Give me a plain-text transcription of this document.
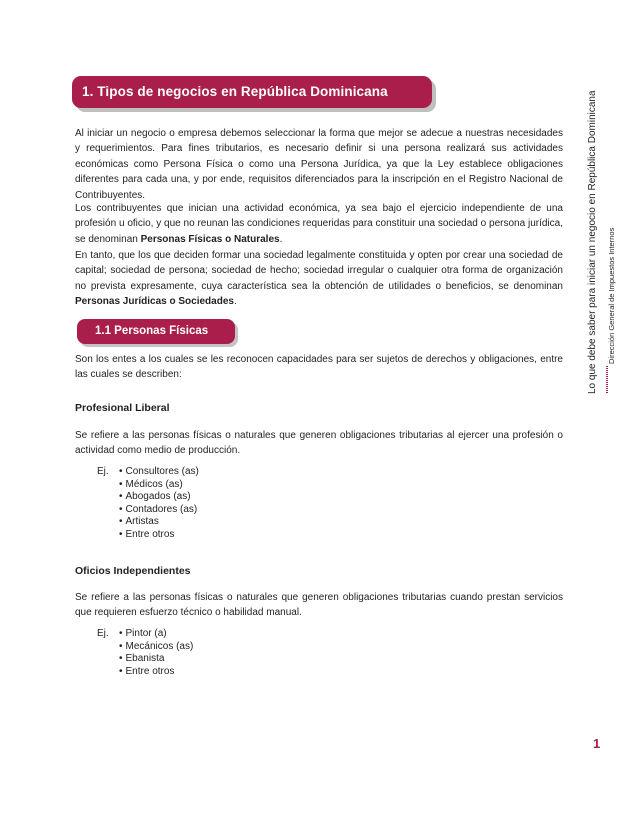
1. Tipos de negocios en República Dominicana

Al iniciar un negocio o empresa debemos seleccionar la forma que mejor se adecue a nuestras necesidades y requerimientos. Para fines tributarios, es necesario definir si una persona realizará sus actividades económicas como Persona Física o como una Persona Jurídica, ya que la Ley establece obligaciones diferentes para cada una, y por ende, requisitos diferenciados para la inscripción en el Registro Nacional de Contribuyentes.

Los contribuyentes que inician una actividad económica, ya sea bajo el ejercicio independiente de una profesión u oficio, y que no reunan las condiciones requeridas para constituir una sociedad o persona jurídica, se denominan Personas Físicas o Naturales.

En tanto, que los que deciden formar una sociedad legalmente constituida y opten por crear una sociedad de capital; sociedad de persona; sociedad de hecho; sociedad irregular o cualquier otra forma de organización no prevista expresamente, cuya característica sea la obtención de utilidades o beneficios, se denominan Personas Jurídicas o Sociedades.

1.1 Personas Físicas

Son los entes a los cuales se les reconocen capacidades para ser sujetos de derechos y obligaciones, entre las cuales se describen:

Profesional Liberal

Se refiere a las personas físicas o naturales que generen obligaciones tributarias al ejercer una profesión o actividad como medio de producción.

Ej.	• Consultores (as)
• Médicos (as)
• Abogados (as)
• Contadores (as)
• Artistas
• Entre otros
Oficios Independientes

Se refiere a las personas físicas o naturales que generen obligaciones tributarias cuando prestan servicios que requieren esfuerzo técnico o habilidad manual.

Ej.	• Pintor (a)
• Mecánicos (as)
• Ebanista
• Entre otros
Lo que debe saber para iniciar un negocio en República Dominicana Dirección General de Impuestos Internos
1
